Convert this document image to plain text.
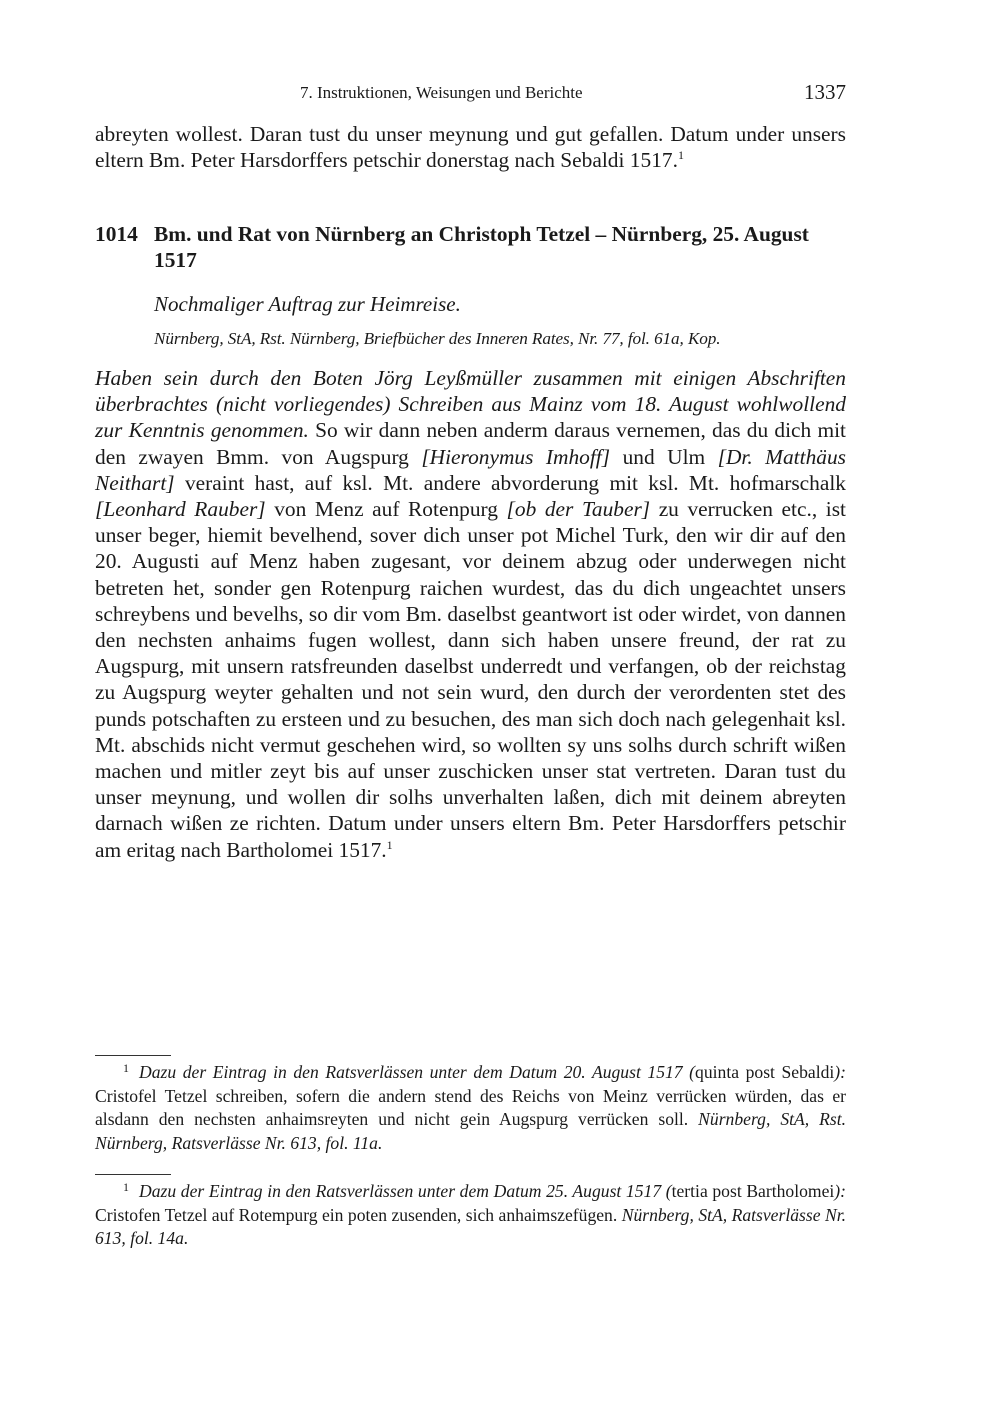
7. Instruktionen, Weisungen und Berichte	1337

abreyten wollest. Daran tust du unser meynung und gut gefallen. Datum under unsers eltern Bm. Peter Harsdorffers petschir donerstag nach Sebaldi 1517.$^1$

1014 Bm. und Rat von Nürnberg an Christoph Tetzel – Nürnberg, 25. August 1517
Nochmaliger Auftrag zur Heimreise.
Nürnberg, StA, Rst. Nürnberg, Briefbücher des Inneren Rates, Nr. 77, fol. 61a, Kop.

Haben sein durch den Boten Jörg Leyßmüller zusammen mit einigen Abschriften überbrachtes (nicht vorliegendes) Schreiben aus Mainz vom 18. August wohlwollend zur Kenntnis genommen. So wir dann neben anderm daraus vernemen, das du dich mit den zwayen Bmm. von Augspurg [Hieronymus Imhoff] und Ulm [Dr. Matthäus Neithart] veraint hast, auf ksl. Mt. andere abvorderung mit ksl. Mt. hofmarschalk [Leonhard Rauber] von Menz auf Rotenpurg [ob der Tauber] zu verrucken etc., ist unser beger, hiemit bevelhend, sover dich unser pot Michel Turk, den wir dir auf den 20. Augusti auf Menz haben zugesant, vor deinem abzug oder underwegen nicht betreten het, sonder gen Rotenpurg raichen wurdest, das du dich ungeachtet unsers schreybens und bevelhs, so dir vom Bm. daselbst geantwort ist oder wirdet, von dannen den nechsten anhaims fugen wollest, dann sich haben unsere freund, der rat zu Augspurg, mit unsern ratsfreunden daselbst underredt und verfangen, ob der reichstag zu Augspurg weyter gehalten und not sein wurd, den durch der verordenten stet des punds potschaften zu ersteen und zu besuchen, des man sich doch nach gelegenhait ksl. Mt. abschids nicht vermut geschehen wird, so wollten sy uns solhs durch schrift wißen machen und mitler zeyt bis auf unser zuschicken unser stat vertreten. Daran tust du unser meynung, und wollen dir solhs unverhalten laßen, dich mit deinem abreyten darnach wißen ze richten. Datum under unsers eltern Bm. Peter Harsdorffers petschir am eritag nach Bartholomei 1517.$^1$

$^1$ Dazu der Eintrag in den Ratsverlässen unter dem Datum 20. August 1517 (quinta post Sebaldi): Cristofel Tetzel schreiben, sofern die andern stend des Reichs von Meinz verrücken würden, das er alsdann den nechsten anhaimsreyten und nicht gein Augspurg verrücken soll. Nürnberg, StA, Rst. Nürnberg, Ratsverlässe Nr. 613, fol. 11a.

$^1$ Dazu der Eintrag in den Ratsverlässen unter dem Datum 25. August 1517 (tertia post Bartholomei): Cristofen Tetzel auf Rotempurg ein poten zusenden, sich anhaimszefügen. Nürnberg, StA, Ratsverlässe Nr. 613, fol. 14a.
